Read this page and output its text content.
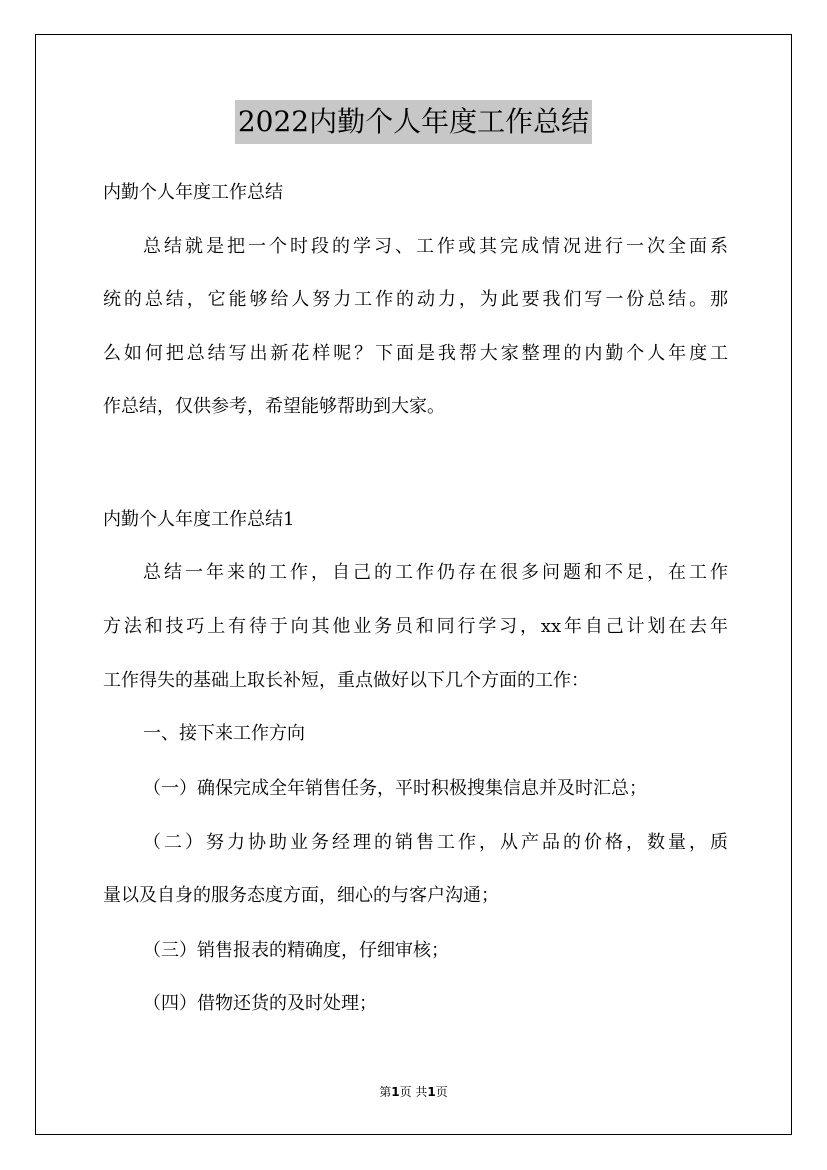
2022内勤个人年度工作总结
内勤个人年度工作总结
总结就是把一个时段的学习、工作或其完成情况进行一次全面系
统的总结，它能够给人努力工作的动力，为此要我们写一份总结。那
么如何把总结写出新花样呢？下面是我帮大家整理的内勤个人年度工
作总结，仅供参考，希望能够帮助到大家。
内勤个人年度工作总结1
总结一年来的工作，自己的工作仍存在很多问题和不足，在工作
方法和技巧上有待于向其他业务员和同行学习，xx年自己计划在去年
工作得失的基础上取长补短，重点做好以下几个方面的工作：
一、接下来工作方向
（一）确保完成全年销售任务，平时积极搜集信息并及时汇总；
（二）努力协助业务经理的销售工作，从产品的价格，数量，质
量以及自身的服务态度方面，细心的与客户沟通；
（三）销售报表的精确度，仔细审核；
（四）借物还货的及时处理；
第1页 共1页
